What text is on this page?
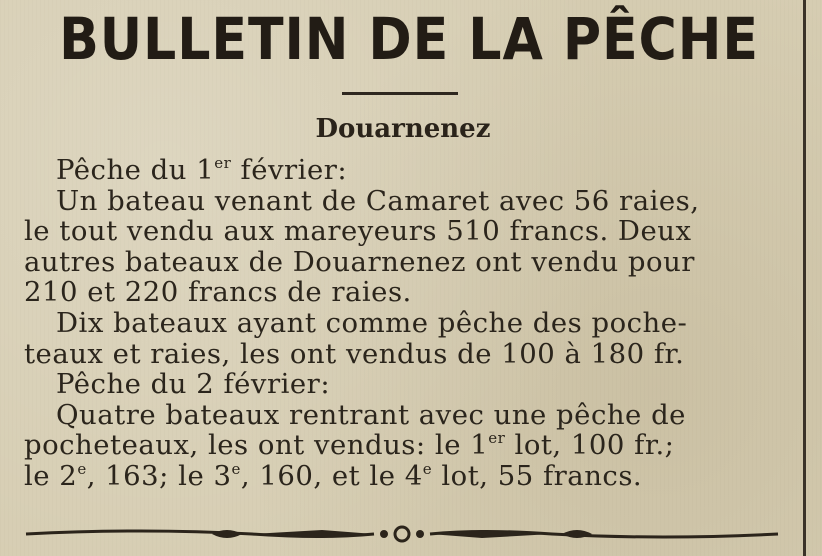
BULLETIN DE LA PÊCHE
Douarnenez
Pêche du 1er février:
Un bateau venant de Camaret avec 56 raies,
le tout vendu aux mareyeurs 510 francs. Deux
autres bateaux de Douarnenez ont vendu pour
210 et 220 francs de raies.
Dix bateaux ayant comme pêche des poche-
teaux et raies, les ont vendus de 100 à 180 fr.
Pêche du 2 février:
Quatre bateaux rentrant avec une pêche de
pocheteaux, les ont vendus: le 1er lot, 100 fr.;
le 2e, 163; le 3e, 160, et le 4e lot, 55 francs.
